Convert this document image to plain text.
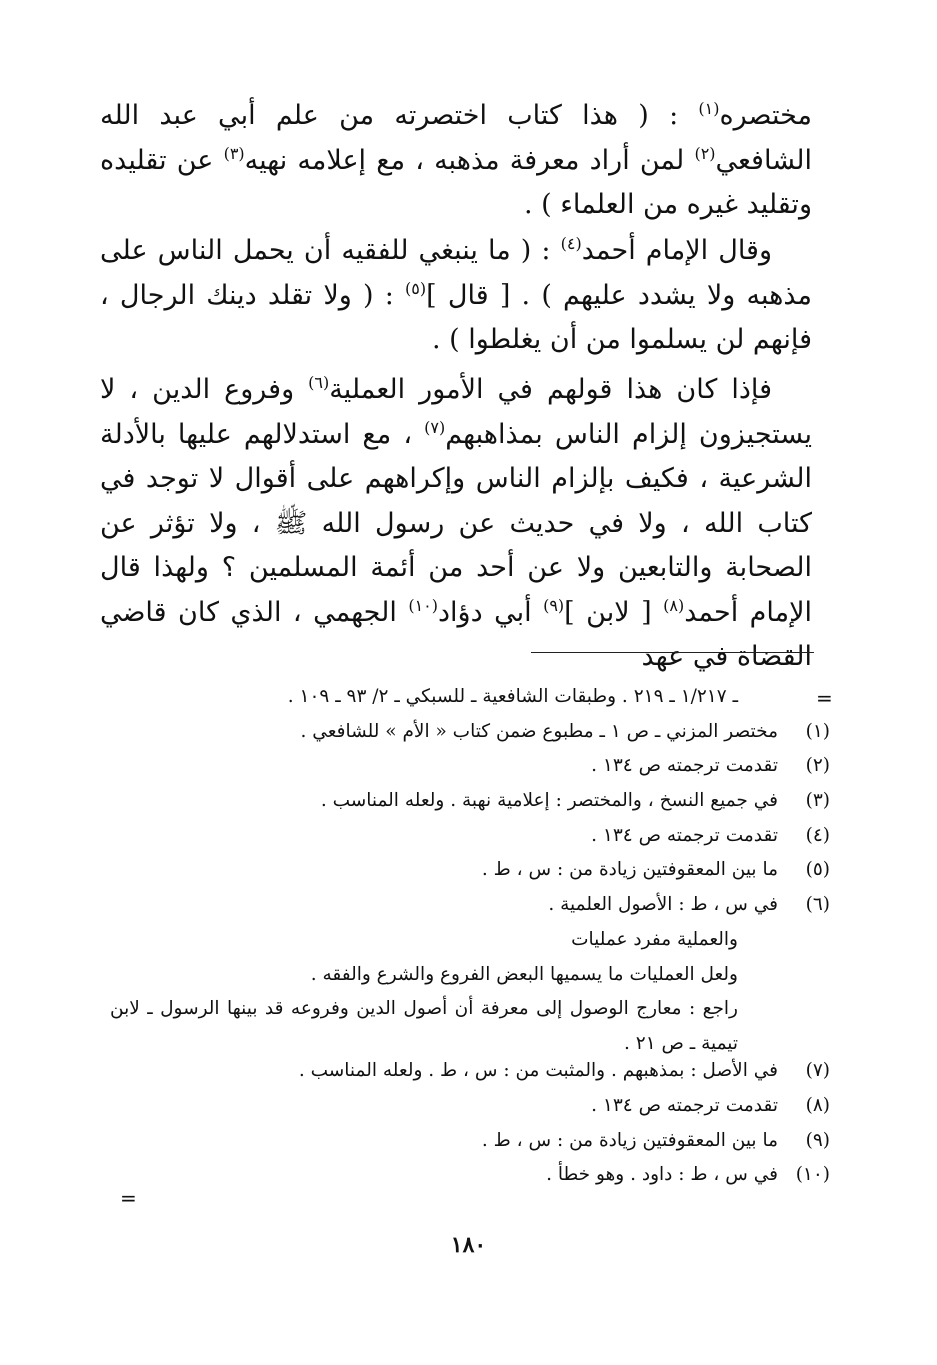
مختصره$^{(١)}$ : ( هذا كتاب اختصرته من علم أبي عبد الله الشافعي$^{(٢)}$ لمن أراد معرفة مذهبه ، مع إعلامه نهيه$^{(٣)}$ عن تقليده وتقليد غيره من العلماء ) .
وقال الإمام أحمد$^{(٤)}$ : ( ما ينبغي للفقيه أن يحمل الناس على مذهبه ولا يشدد عليهم ) . [ قال ]$^{(٥)}$ : ( ولا تقلد دينك الرجال ، فإنهم لن يسلموا من أن يغلطوا ) .
فإذا كان هذا قولهم في الأمور العملية$^{(٦)}$ وفروع الدين ، لا يستجيزون إلزام الناس بمذاهبهم$^{(٧)}$ ، مع استدلالهم عليها بالأدلة الشرعية ، فكيف بإلزام الناس وإكراههم على أقوال لا توجد في كتاب الله ، ولا في حديث عن رسول الله ﷺ ، ولا تؤثر عن الصحابة والتابعين ولا عن أحد من أئمة المسلمين ؟ ولهذا قال الإمام أحمد$^{(٨)}$ [ لابن ]$^{(٩)}$ أبي دؤاد$^{(١٠)}$ الجهمي ، الذي كان قاضي القضاة في عهد
=
ـ ١/٢١٧ ـ ٢١٩ . وطبقات الشافعية ـ للسبكي ـ ٢/ ٩٣ ـ ١٠٩ .
(١)
مختصر المزني ـ ص ١ ـ مطبوع ضمن كتاب « الأم » للشافعي .
(٢)
تقدمت ترجمته ص ١٣٤ .
(٣)
في جميع النسخ ، والمختصر : إعلامية نهبة . ولعله المناسب .
(٤)
تقدمت ترجمته ص ١٣٤ .
(٥)
ما بين المعقوفتين زيادة من : س ، ط .
(٦)
في س ، ط : الأصول العلمية .
والعملية مفرد عمليات
ولعل العمليات ما يسميها البعض الفروع والشرع والفقه .
راجع : معارج الوصول إلى معرفة أن أصول الدين وفروعه قد بينها الرسول ـ لابن تيمية ـ ص ٢١ .
(٧)
في الأصل : بمذهبهم . والمثبت من : س ، ط . ولعله المناسب .
(٨)
تقدمت ترجمته ص ١٣٤ .
(٩)
ما بين المعقوفتين زيادة من : س ، ط .
(١٠)
في س ، ط : داود . وهو خطأ .
=
١٨٠
